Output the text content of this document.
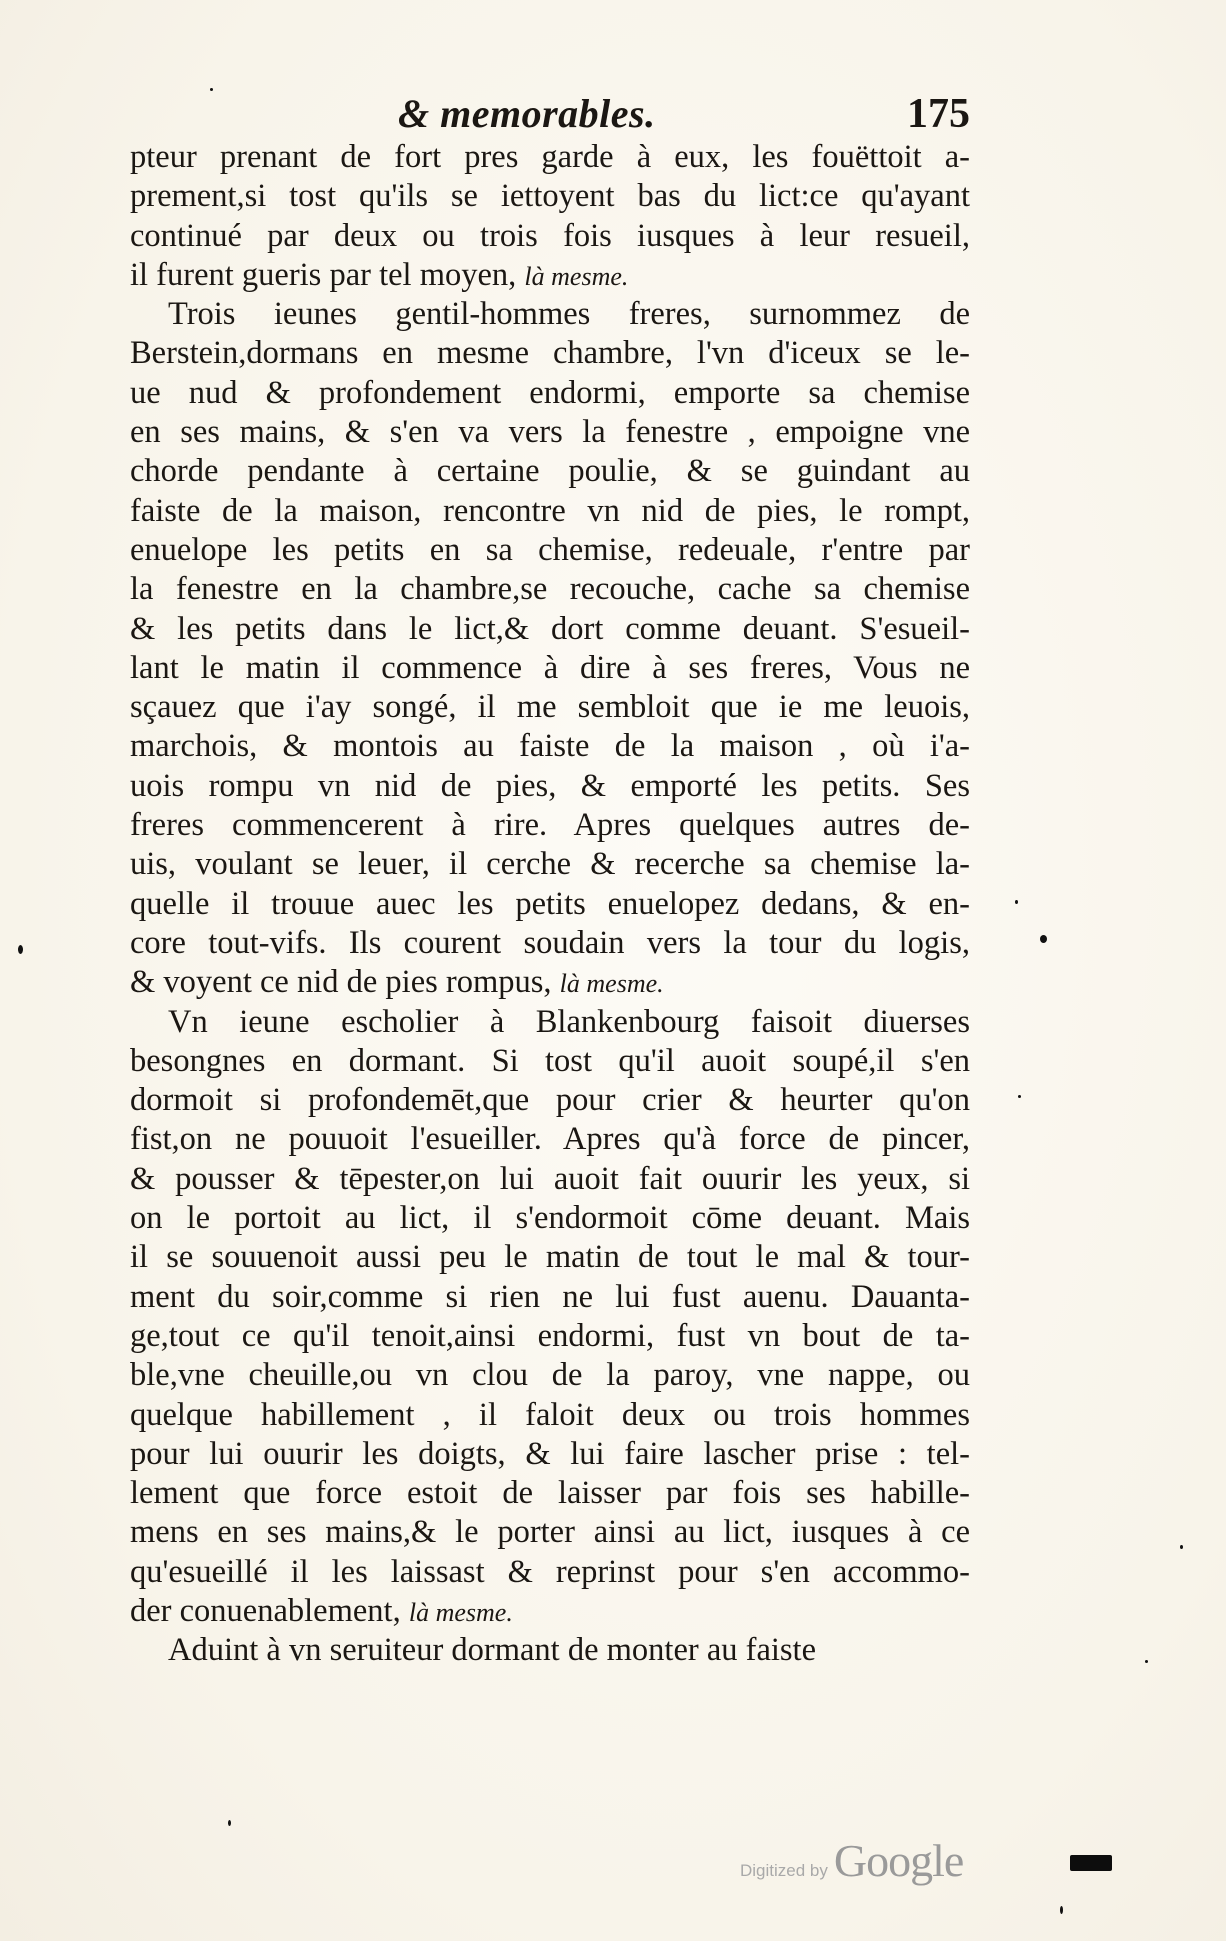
& memorables.	175
pteur prenant de fort pres garde à eux, les fouëttoit a-
prement,si tost qu'ils se iettoyent bas du lict:ce qu'ayant
continué par deux ou trois fois iusques à leur resueil,
il furent gueris par tel moyen, là mesme.
Trois ieunes gentil-hommes freres, surnommez de
Berstein,dormans en mesme chambre, l'vn d'iceux se le-
ue nud & profondement endormi, emporte sa chemise
en ses mains, & s'en va vers la fenestre , empoigne vne
chorde pendante à certaine poulie, & se guindant au
faiste de la maison, rencontre vn nid de pies, le rompt,
enuelope les petits en sa chemise, redeuale, r'entre par
la fenestre en la chambre,se recouche, cache sa chemise
& les petits dans le lict,& dort comme deuant. S'esueil-
lant le matin il commence à dire à ses freres, Vous ne
sçauez que i'ay songé, il me sembloit que ie me leuois,
marchois, & montois au faiste de la maison , où i'a-
uois rompu vn nid de pies, & emporté les petits. Ses
freres commencerent à rire. Apres quelques autres de-
uis, voulant se leuer, il cerche & recerche sa chemise la-
quelle il trouue auec les petits enuelopez dedans, & en-
core tout-vifs. Ils courent soudain vers la tour du logis,
& voyent ce nid de pies rompus, là mesme.
Vn ieune escholier à Blankenbourg faisoit diuerses
besongnes en dormant. Si tost qu'il auoit soupé,il s'en
dormoit si profondemēt,que pour crier & heurter qu'on
fist,on ne pouuoit l'esueiller. Apres qu'à force de pincer,
& pousser & tēpester,on lui auoit fait ouurir les yeux, si
on le portoit au lict, il s'endormoit cōme deuant. Mais
il se souuenoit aussi peu le matin de tout le mal & tour-
ment du soir,comme si rien ne lui fust auenu. Dauanta-
ge,tout ce qu'il tenoit,ainsi endormi, fust vn bout de ta-
ble,vne cheuille,ou vn clou de la paroy, vne nappe, ou
quelque habillement , il faloit deux ou trois hommes
pour lui ouurir les doigts, & lui faire lascher prise : tel-
lement que force estoit de laisser par fois ses habille-
mens en ses mains,& le porter ainsi au lict, iusques à ce
qu'esueillé il les laissast & reprinst pour s'en accommo-
der conuenablement, là mesme.
Aduint à vn seruiteur dormant de monter au faiste
Digitized by Google
